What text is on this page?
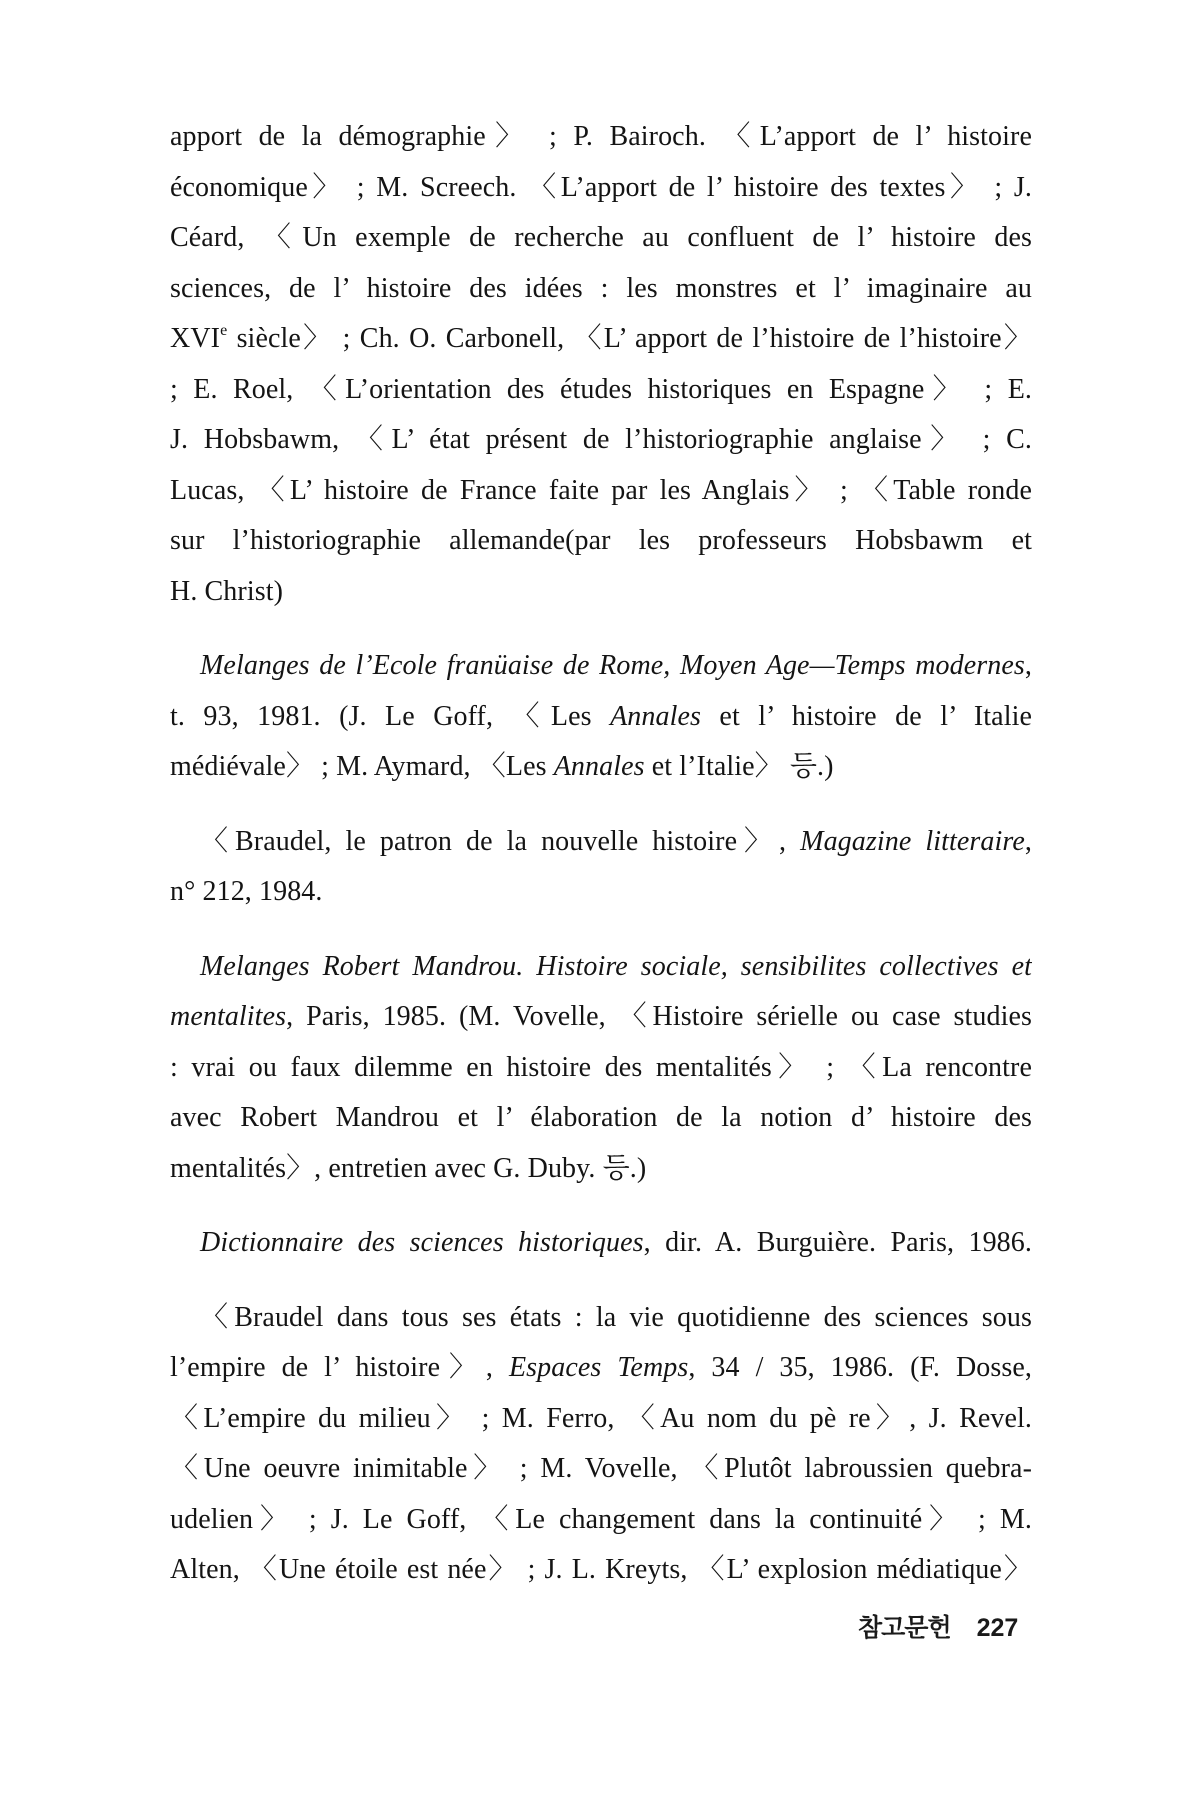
apport de la démographie〉 ; P. Bairoch. 〈L’apport de l’ histoire
économique〉 ; M. Screech. 〈L’apport de l’ histoire des textes〉 ; J.
Céard, 〈Un exemple de recherche au confluent de l’ histoire des
sciences, de l’ histoire des idées : les monstres et l’ imaginaire au
XVIe siècle〉 ; Ch. O. Carbonell, 〈L’ apport de l’histoire de l’histoire〉
; E. Roel, 〈L’orientation des études historiques en Espagne〉 ; E.
J. Hobsbawm, 〈L’ état présent de l’historiographie anglaise〉 ; C.
Lucas, 〈L’ histoire de France faite par les Anglais〉 ; 〈Table ronde
sur l’historiographie allemande(par les professeurs Hobsbawm et
H. Christ)
Melanges de l’Ecole franüaise de Rome, Moyen Age—Temps modernes,
t. 93, 1981. (J. Le Goff, 〈Les Annales et l’ histoire de l’ Italie
médiévale〉 ; M. Aymard, 〈Les Annales et l’Italie〉 등.)
〈Braudel, le patron de la nouvelle histoire〉, Magazine litteraire,
n° 212, 1984.
Melanges Robert Mandrou. Histoire sociale, sensibilites collectives et
mentalites, Paris, 1985. (M. Vovelle, 〈Histoire sérielle ou case studies
: vrai ou faux dilemme en histoire des mentalités〉 ; 〈La rencontre
avec Robert Mandrou et l’ élaboration de la notion d’ histoire des
mentalités〉, entretien avec G. Duby. 등.)
Dictionnaire des sciences historiques, dir. A. Burguière. Paris, 1986.
〈Braudel dans tous ses états : la vie quotidienne des sciences sous
l’empire de l’ histoire〉, Espaces Temps, 34 / 35, 1986. (F. Dosse,
〈L’empire du milieu〉 ; M. Ferro, 〈Au nom du pè re〉, J. Revel.
〈Une oeuvre inimitable〉 ; M. Vovelle, 〈Plutôt labroussien quebra-
udelien〉 ; J. Le Goff, 〈Le changement dans la continuité〉 ; M.
Alten, 〈Une étoile est née〉 ; J. L. Kreyts, 〈L’ explosion médiatique〉
참고문헌 227
